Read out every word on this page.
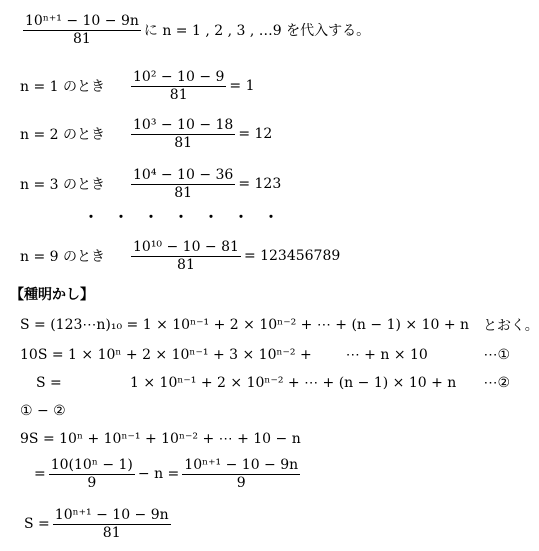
$\frac{\text{10ⁿ⁺¹ − 10 − 9n}}{81}$ に n = 1 , 2 , 3 , …9 を代入する。
n = 1 のとき	$\frac{\text{10² − 10 − 9}}{81} = 1$
n = 2 のとき	$\frac{\text{10³ − 10 − 18}}{81} = 12$
n = 3 のとき	$\frac{\text{10⁴ − 10 − 36}}{81} = 123$
・・・・・・・
n = 9 のとき	$\frac{\text{10¹⁰ − 10 − 81}}{81} = 123456789$
【種明かし】
S = (123⋯n)₁₀ = 1 × 10ⁿ⁻¹ + 2 × 10ⁿ⁻² + ⋯ + (n − 1) × 10 + n とおく。
10S = 1 × 10ⁿ + 2 × 10ⁿ⁻¹ + 3 × 10ⁿ⁻² + ⋯ + n × 10	⋯①
S =	1 × 10ⁿ⁻¹ + 2 × 10ⁿ⁻² + ⋯ + (n − 1) × 10 + n ⋯②
① − ②
9S = 10ⁿ + 10ⁿ⁻¹ + 10ⁿ⁻² + ⋯ + 10 − n
= $\frac{\text{10(10ⁿ − 1)}}{9} - n = \frac{\text{10ⁿ⁺¹ − 10 − 9n}}{9}$
$S = \frac{\text{10ⁿ⁺¹ − 10 − 9n}}{81}$
